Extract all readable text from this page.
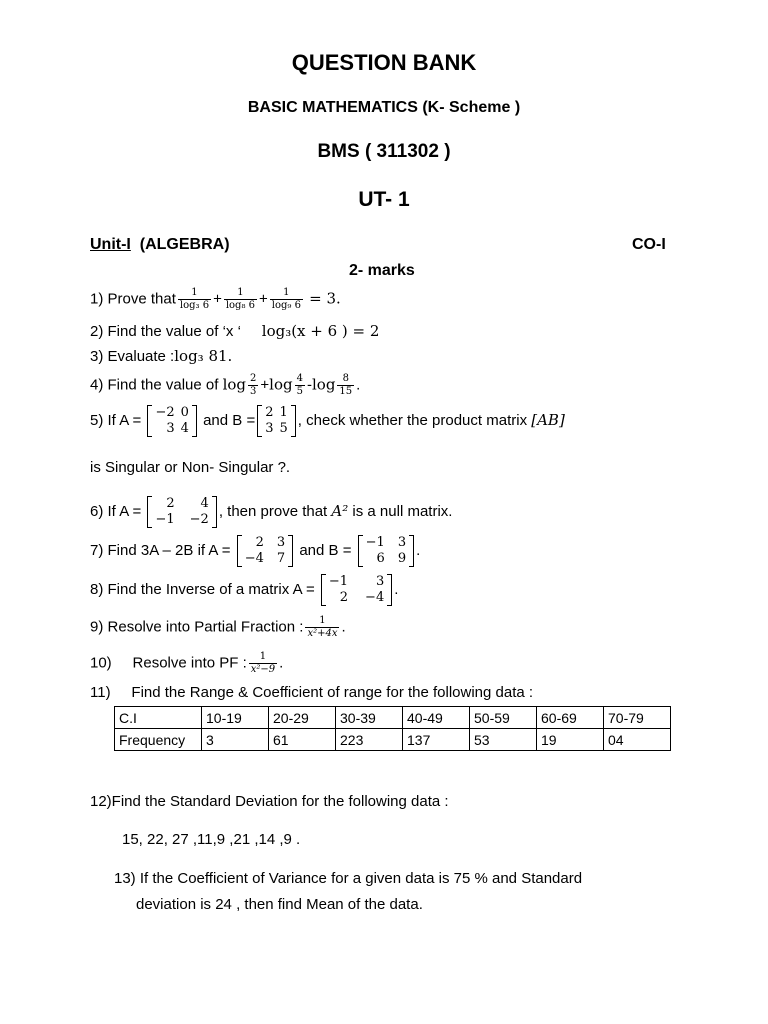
QUESTION BANK
BASIC MATHEMATICS (K- Scheme )
BMS ( 311302 )
UT- 1
Unit-I (ALGEBRA)	CO-I
2- marks
1) Prove that $\frac{1}{\text{log₃ 6}} + \frac{1}{\text{log₈ 6}} + \frac{1}{\text{log₉ 6}} = 3$.
2) Find the value of ‘x ‘ log₃(x + 6 ) = 2
3) Evaluate :log₃ 81.
4) Find the value of $\log \frac{2}{3} +\log \frac{4}{5} -\log \frac{8}{15}$ .
5) If A = −2	0
3	4 and B = 2	1
3	5 , check whether the product matrix [AB]
is Singular or Non- Singular ?.
6) If A = 2	4
−1	−2 , then prove that A² is a null matrix.
7) Find 3A – 2B if A = 2	3
−4	7 and B = −1	3
6	9 .
8) Find the Inverse of a matrix A = −1	3
2	−4 .
9) Resolve into Partial Fraction : $\frac{1}{\text{x²+4x}}$ .
10) Resolve into PF : $\frac{1}{\text{x²−9}}$ .
11) Find the Range & Coefficient of range for the following data :
C.I	10-19	20-29	30-39	40-49	50-59	60-69	70-79
Frequency	3	61	223	137	53	19	04
12)Find the Standard Deviation for the following data :
15, 22, 27 ,11,9 ,21 ,14 ,9 .
13) If the Coefficient of Variance for a given data is 75 % and Standard
deviation is 24 , then find Mean of the data.
